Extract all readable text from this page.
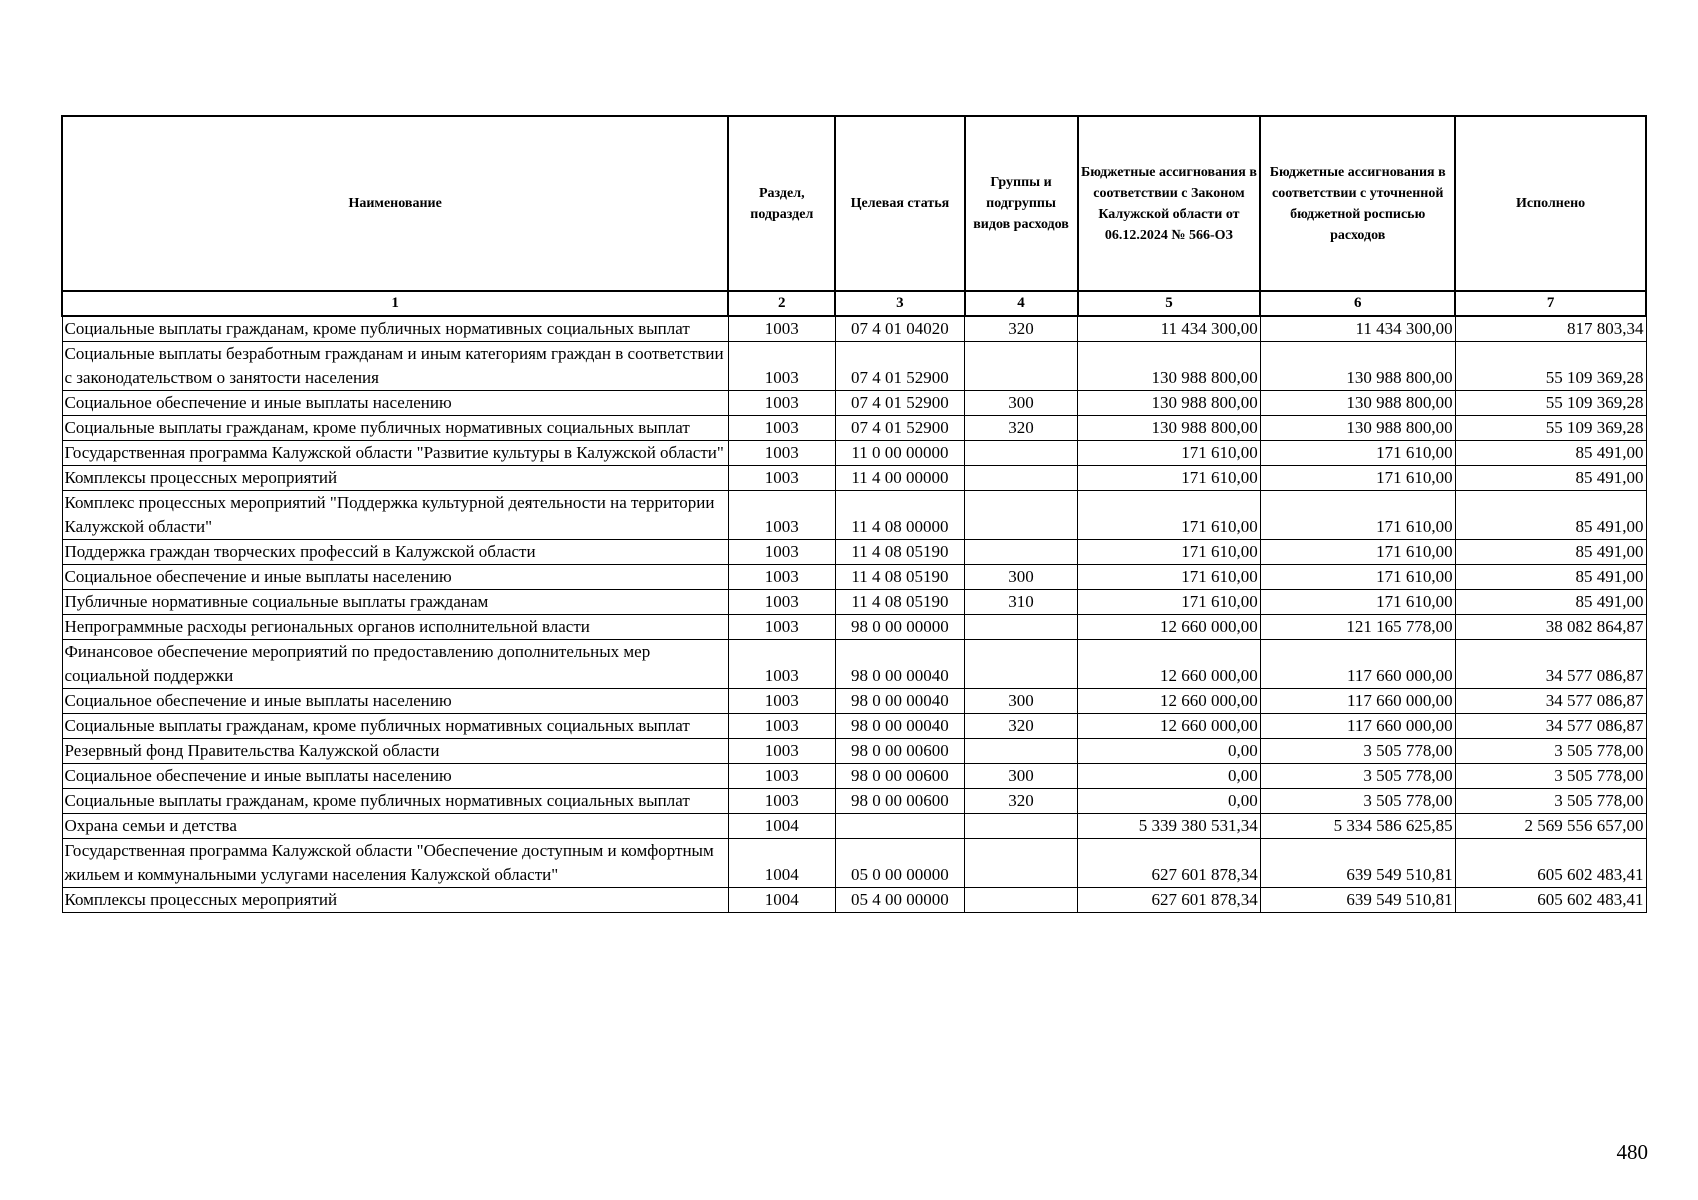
Наименование	Раздел, подраздел	Целевая статья	Группы и подгруппы видов расходов	Бюджетные ассигнования в соответствии с Законом Калужской области от 06.12.2024 № 566-ОЗ	Бюджетные ассигнования в соответствии с уточненной бюджетной росписью расходов	Исполнено
1	2	3	4	5	6	7
Социальные выплаты гражданам, кроме публичных нормативных социальных выплат	1003	07 4 01 04020	320	11 434 300,00	11 434 300,00	817 803,34
Социальные выплаты безработным гражданам и иным категориям граждан в соответствии с законодательством о занятости населения	1003	07 4 01 52900		130 988 800,00	130 988 800,00	55 109 369,28
Социальное обеспечение и иные выплаты населению	1003	07 4 01 52900	300	130 988 800,00	130 988 800,00	55 109 369,28
Социальные выплаты гражданам, кроме публичных нормативных социальных выплат	1003	07 4 01 52900	320	130 988 800,00	130 988 800,00	55 109 369,28
Государственная программа Калужской области "Развитие культуры в Калужской области"	1003	11 0 00 00000		171 610,00	171 610,00	85 491,00
Комплексы процессных мероприятий	1003	11 4 00 00000		171 610,00	171 610,00	85 491,00
Комплекс процессных мероприятий "Поддержка культурной деятельности на территории Калужской области"	1003	11 4 08 00000		171 610,00	171 610,00	85 491,00
Поддержка граждан творческих профессий в Калужской области	1003	11 4 08 05190		171 610,00	171 610,00	85 491,00
Социальное обеспечение и иные выплаты населению	1003	11 4 08 05190	300	171 610,00	171 610,00	85 491,00
Публичные нормативные социальные выплаты гражданам	1003	11 4 08 05190	310	171 610,00	171 610,00	85 491,00
Непрограммные расходы региональных органов исполнительной власти	1003	98 0 00 00000		12 660 000,00	121 165 778,00	38 082 864,87
Финансовое обеспечение мероприятий по предоставлению дополнительных мер социальной поддержки	1003	98 0 00 00040		12 660 000,00	117 660 000,00	34 577 086,87
Социальное обеспечение и иные выплаты населению	1003	98 0 00 00040	300	12 660 000,00	117 660 000,00	34 577 086,87
Социальные выплаты гражданам, кроме публичных нормативных социальных выплат	1003	98 0 00 00040	320	12 660 000,00	117 660 000,00	34 577 086,87
Резервный фонд Правительства Калужской области	1003	98 0 00 00600		0,00	3 505 778,00	3 505 778,00
Социальное обеспечение и иные выплаты населению	1003	98 0 00 00600	300	0,00	3 505 778,00	3 505 778,00
Социальные выплаты гражданам, кроме публичных нормативных социальных выплат	1003	98 0 00 00600	320	0,00	3 505 778,00	3 505 778,00
Охрана семьи и детства	1004			5 339 380 531,34	5 334 586 625,85	2 569 556 657,00
Государственная программа Калужской области "Обеспечение доступным и комфортным жильем и коммунальными услугами населения Калужской области"	1004	05 0 00 00000		627 601 878,34	639 549 510,81	605 602 483,41
Комплексы процессных мероприятий	1004	05 4 00 00000		627 601 878,34	639 549 510,81	605 602 483,41
480
